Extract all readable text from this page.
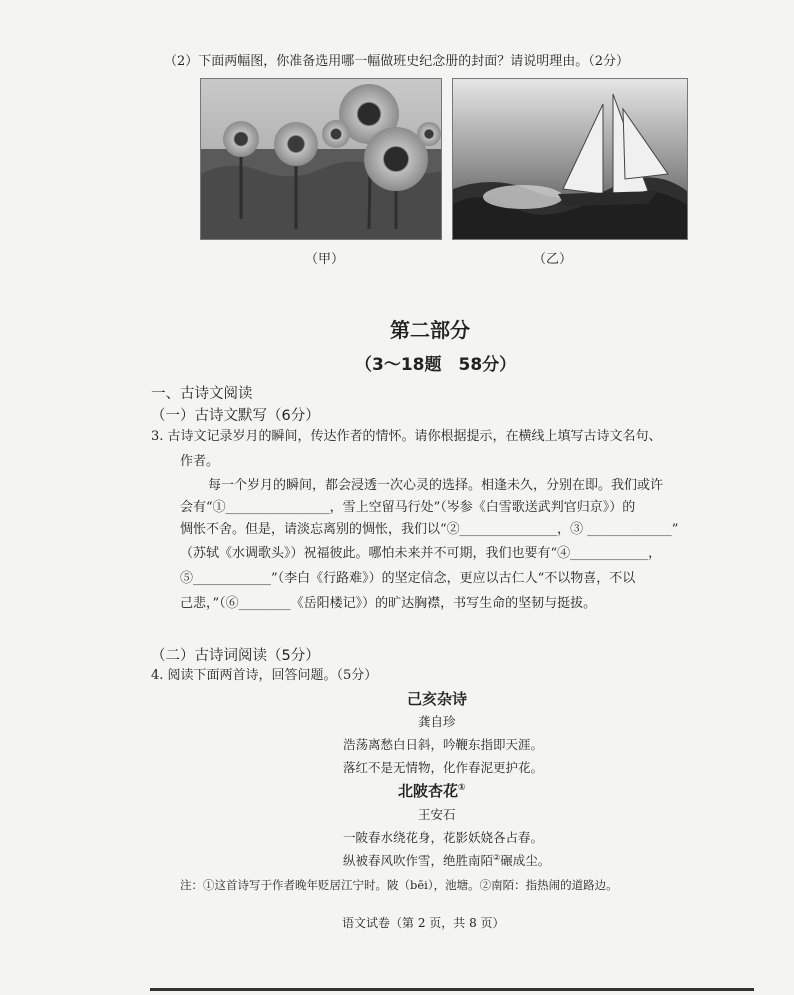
（2）下面两幅图，你准备选用哪一幅做班史纪念册的封面？请说明理由。（2分）
（甲）	（乙）
第二部分
（3～18题　58分）
一、古诗文阅读
（一）古诗文默写（6分）
3. 古诗文记录岁月的瞬间，传达作者的情怀。请你根据提示，在横线上填写古诗文名句、
作者。
每一个岁月的瞬间，都会浸透一次心灵的选择。相逢未久，分别在即。我们或许
会有“①________________，雪上空留马行处”（岑参《白雪歌送武判官归京》）的
惆怅不舍。但是，请淡忘离别的惆怅，我们以“②_______________，③ _____________”
（苏轼《水调歌头》）祝福彼此。哪怕未来并不可期，我们也要有“④____________，
⑤____________”（李白《行路难》）的坚定信念，更应以古仁人“不以物喜，不以
己悲，”（⑥________《岳阳楼记》）的旷达胸襟，书写生命的坚韧与挺拔。
（二）古诗词阅读（5分）
4. 阅读下面两首诗，回答问题。（5分）
己亥杂诗
龚自珍
浩荡离愁白日斜，吟鞭东指即天涯。
落红不是无情物，化作春泥更护花。
北陂杏花①
王安石
一陂春水绕花身，花影妖娆各占春。
纵被春风吹作雪，绝胜南陌②碾成尘。
注：①这首诗写于作者晚年贬居江宁时。陂（bēi），池塘。②南陌：指热闹的道路边。
语文试卷（第 2 页，共 8 页）
